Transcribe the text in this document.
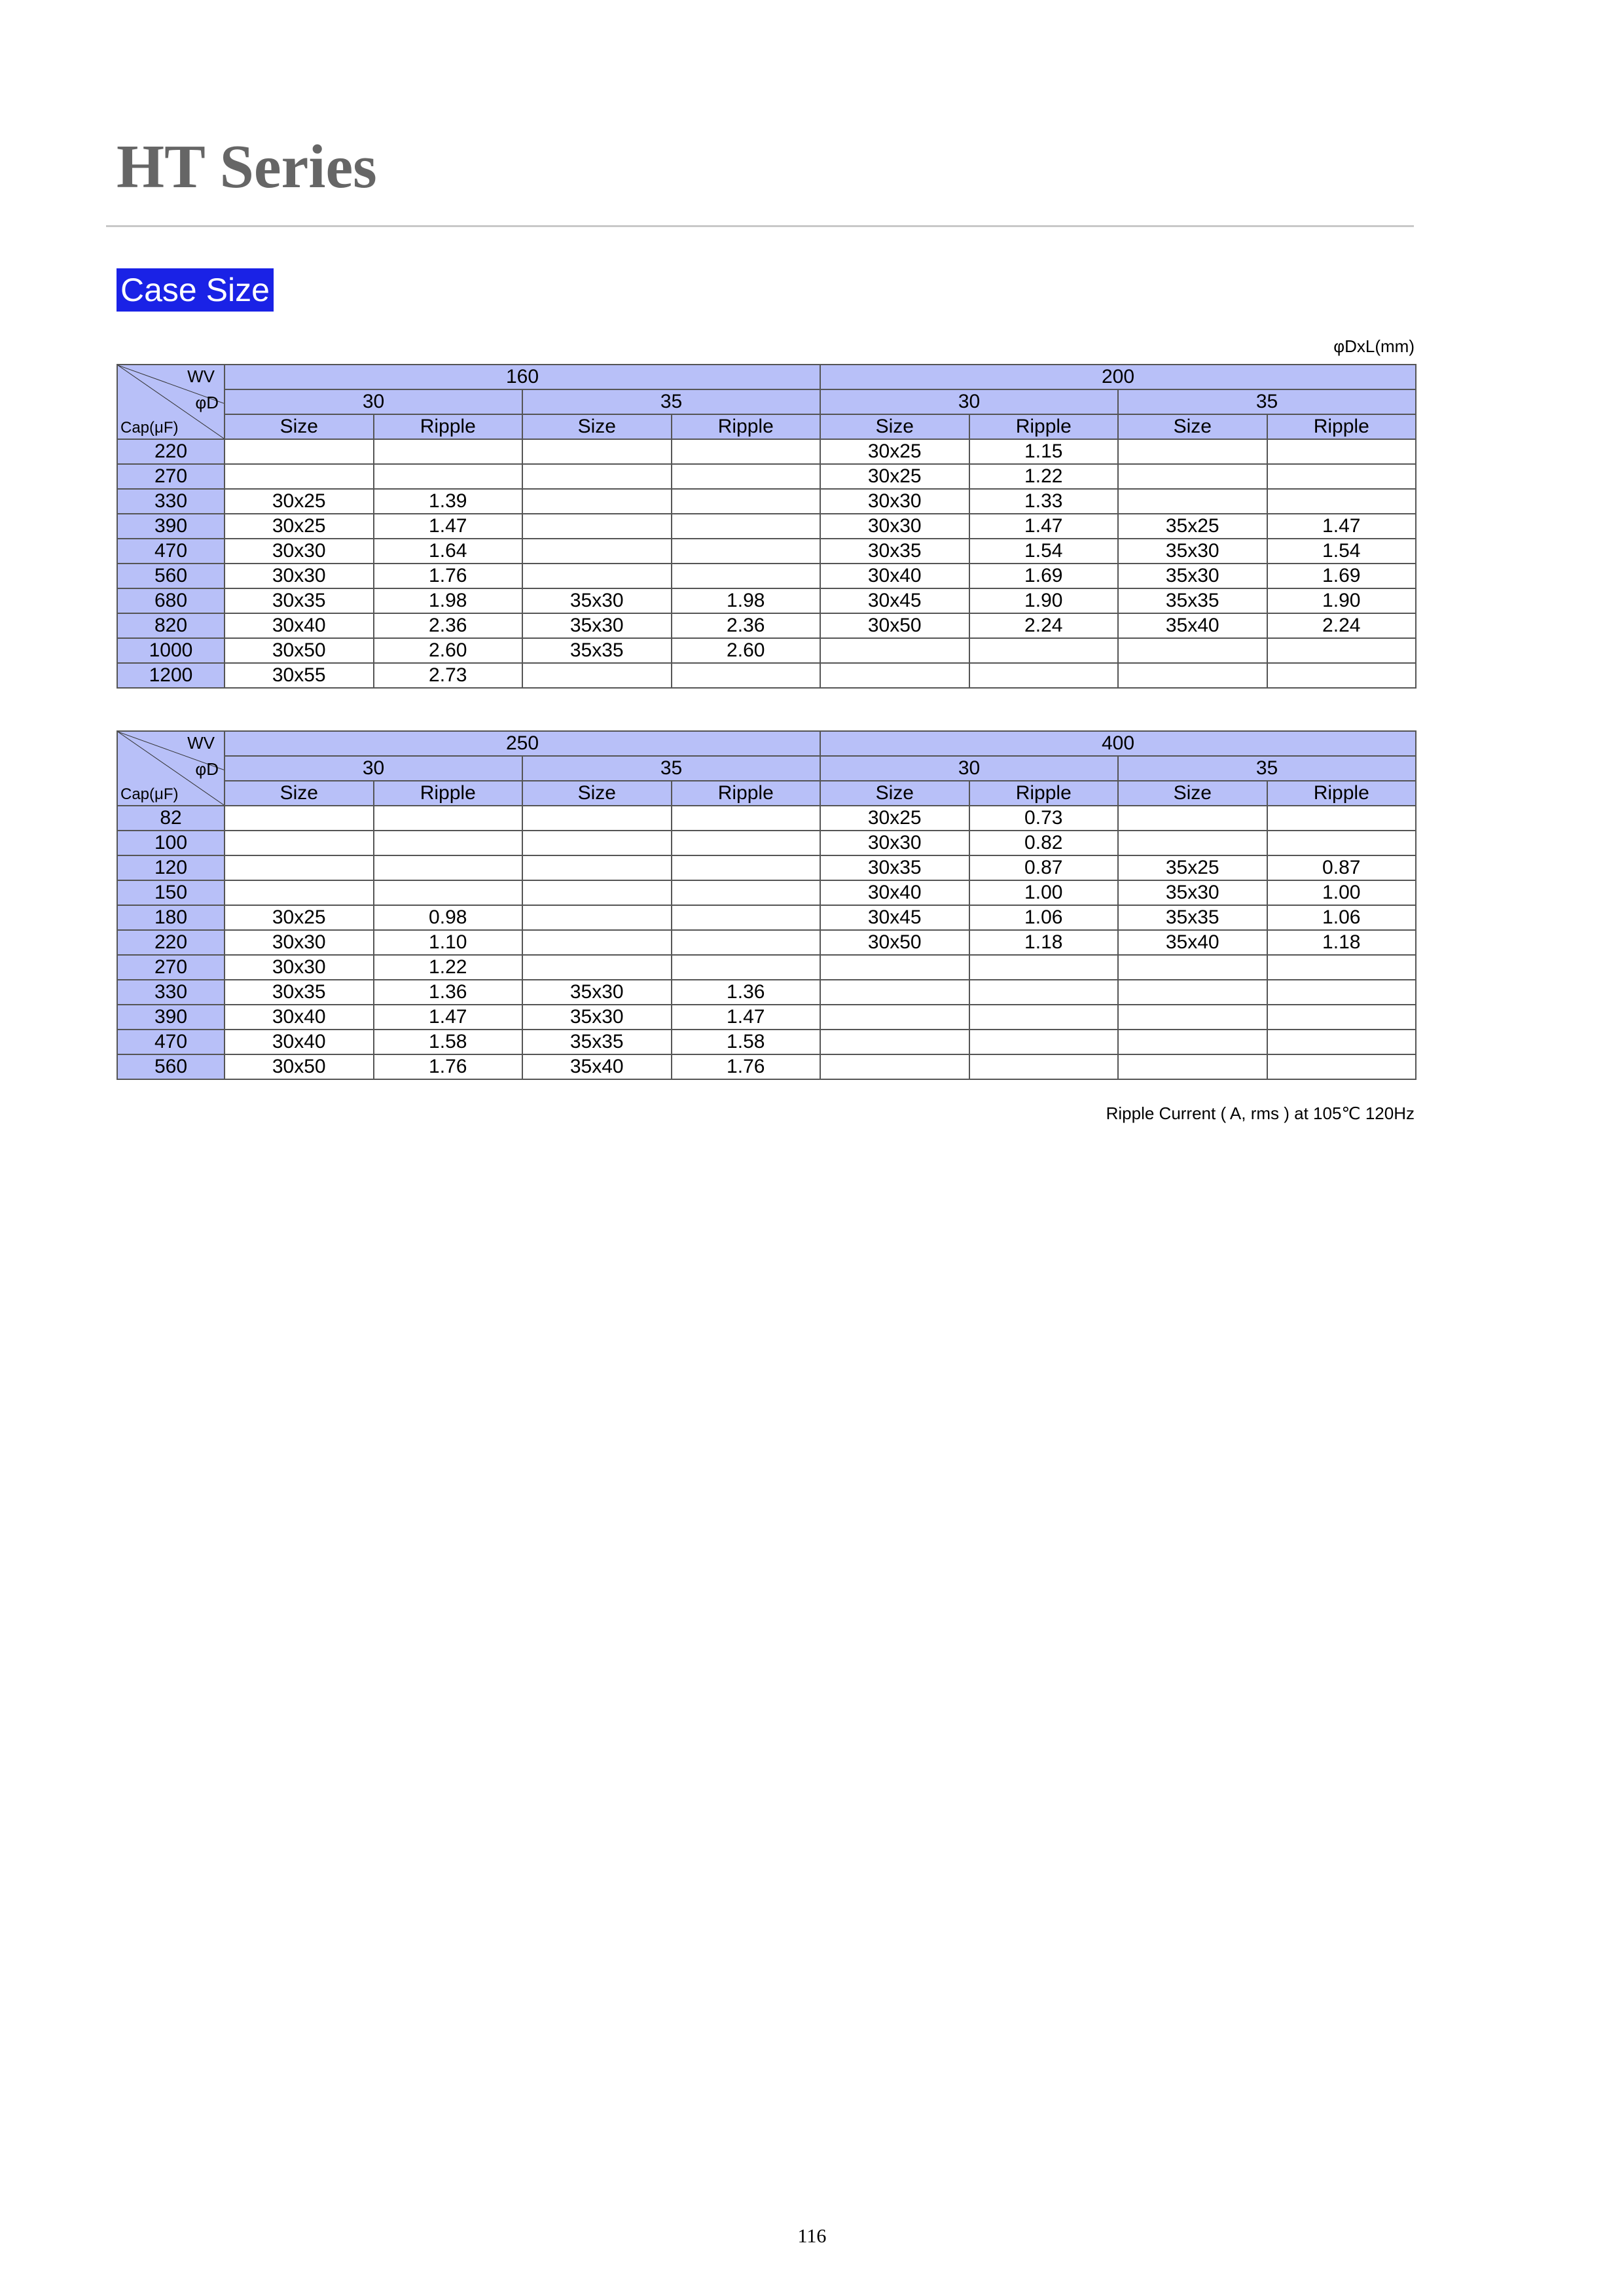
HT Series
Case Size
φDxL(mm)
WV
φD
Cap(μF)	160				200			
	30		35		30		35	
	Size	Ripple	Size	Ripple	Size	Ripple	Size	Ripple
220					30x25	1.15		
270					30x25	1.22		
330	30x25	1.39			30x30	1.33		
390	30x25	1.47			30x30	1.47	35x25	1.47
470	30x30	1.64			30x35	1.54	35x30	1.54
560	30x30	1.76			30x40	1.69	35x30	1.69
680	30x35	1.98	35x30	1.98	30x45	1.90	35x35	1.90
820	30x40	2.36	35x30	2.36	30x50	2.24	35x40	2.24
1000	30x50	2.60	35x35	2.60				
1200	30x55	2.73						
WV
φD
Cap(μF)	250				400			
	30		35		30		35	
	Size	Ripple	Size	Ripple	Size	Ripple	Size	Ripple
82					30x25	0.73		
100					30x30	0.82		
120					30x35	0.87	35x25	0.87
150					30x40	1.00	35x30	1.00
180	30x25	0.98			30x45	1.06	35x35	1.06
220	30x30	1.10			30x50	1.18	35x40	1.18
270	30x30	1.22						
330	30x35	1.36	35x30	1.36				
390	30x40	1.47	35x30	1.47				
470	30x40	1.58	35x35	1.58				
560	30x50	1.76	35x40	1.76				
Ripple Current ( A, rms ) at 105℃ 120Hz
116
